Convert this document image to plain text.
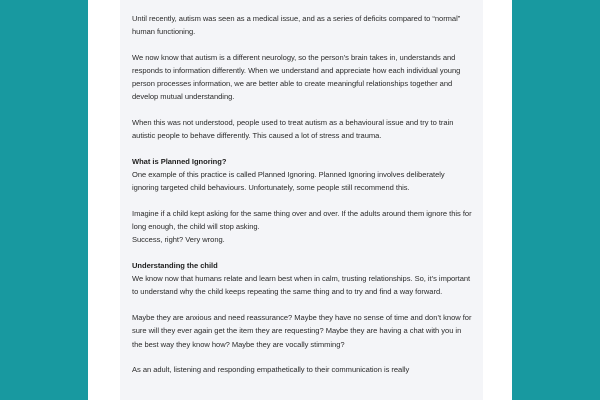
Until recently, autism was seen as a medical issue, and as a series of deficits compared to “normal” human functioning.

We now know that autism is a different neurology, so the person’s brain takes in, understands and responds to information differently. When we understand and appreciate how each individual young person processes information, we are better able to create meaningful relationships together and develop mutual understanding.

When this was not understood, people used to treat autism as a behavioural issue and try to train autistic people to behave differently. This caused a lot of stress and trauma.

What is Planned Ignoring?

One example of this practice is called Planned Ignoring. Planned Ignoring involves deliberately ignoring targeted child behaviours. Unfortunately, some people still recommend this.

Imagine if a child kept asking for the same thing over and over. If the adults around them ignore this for long enough, the child will stop asking.

Success, right? Very wrong.

Understanding the child

We know now that humans relate and learn best when in calm, trusting relationships. So, it’s important to understand why the child keeps repeating the same thing and to try and find a way forward.

Maybe they are anxious and need reassurance? Maybe they have no sense of time and don’t know for sure will they ever again get the item they are requesting? Maybe they are having a chat with you in the best way they know how? Maybe they are vocally stimming?

As an adult, listening and responding empathetically to their communication is really
